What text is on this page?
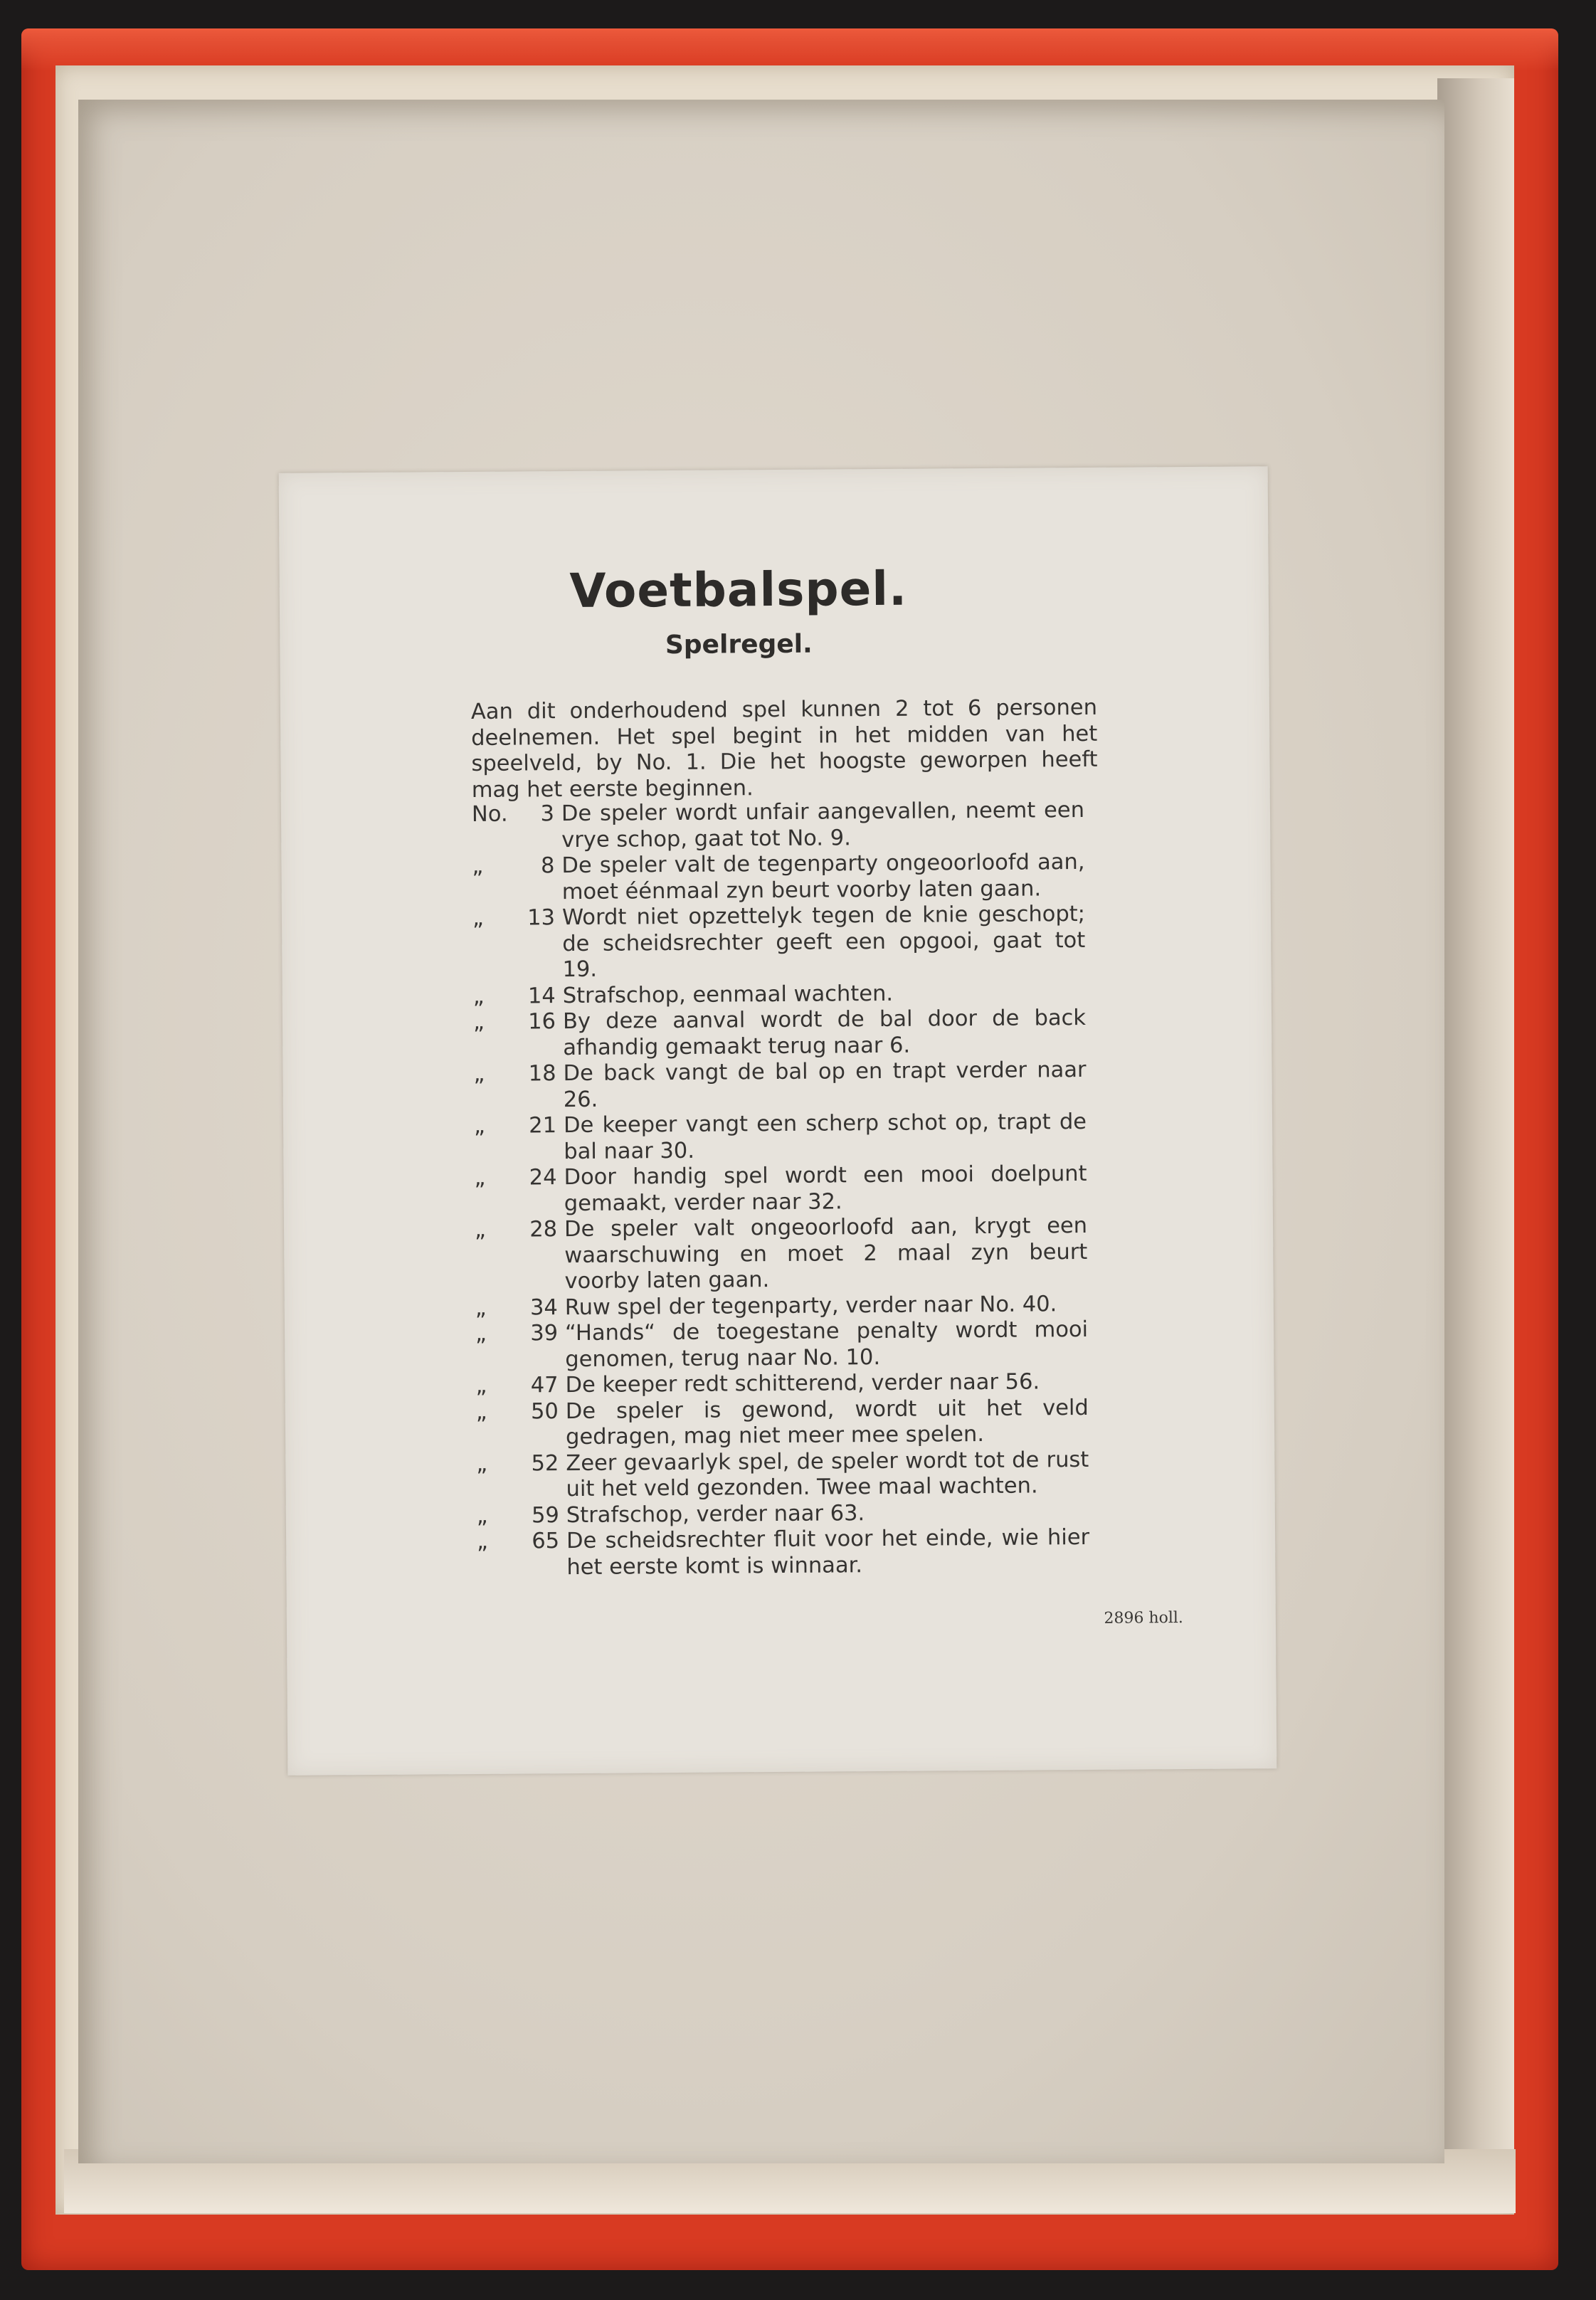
Voetbalspel.
Spelregel.
Aan dit onderhoudend spel kunnen 2 tot 6 personen deelnemen. Het spel begint in het midden van het speelveld, by No. 1. Die het hoogste geworpen heeft mag het eerste beginnen.
No.	3 De speler wordt unfair aangevallen, neemt een vrye schop, gaat tot No. 9.
„	8 De speler valt de tegenparty ongeoorloofd aan, moet éénmaal zyn beurt voorby laten gaan.
„	13 Wordt niet opzettelyk tegen de knie geschopt; de scheidsrechter geeft een opgooi, gaat tot 19.
„	14 Strafschop, eenmaal wachten.
„	16 By deze aanval wordt de bal door de back afhandig gemaakt terug naar 6.
„	18 De back vangt de bal op en trapt verder naar 26.
„	21 De keeper vangt een scherp schot op, trapt de bal naar 30.
„	24 Door handig spel wordt een mooi doelpunt gemaakt, verder naar 32.
„	28 De speler valt ongeoorloofd aan, krygt een waarschuwing en moet 2 maal zyn beurt voorby laten gaan.
„	34 Ruw spel der tegenparty, verder naar No. 40.
„	39 “Hands“ de toegestane penalty wordt mooi genomen, terug naar No. 10.
„	47 De keeper redt schitterend, verder naar 56.
„	50 De speler is gewond, wordt uit het veld gedragen, mag niet meer mee spelen.
„	52 Zeer gevaarlyk spel, de speler wordt tot de rust uit het veld gezonden. Twee maal wachten.
„	59 Strafschop, verder naar 63.
„	65 De scheidsrechter fluit voor het einde, wie hier het eerste komt is winnaar.
2896 holl.
